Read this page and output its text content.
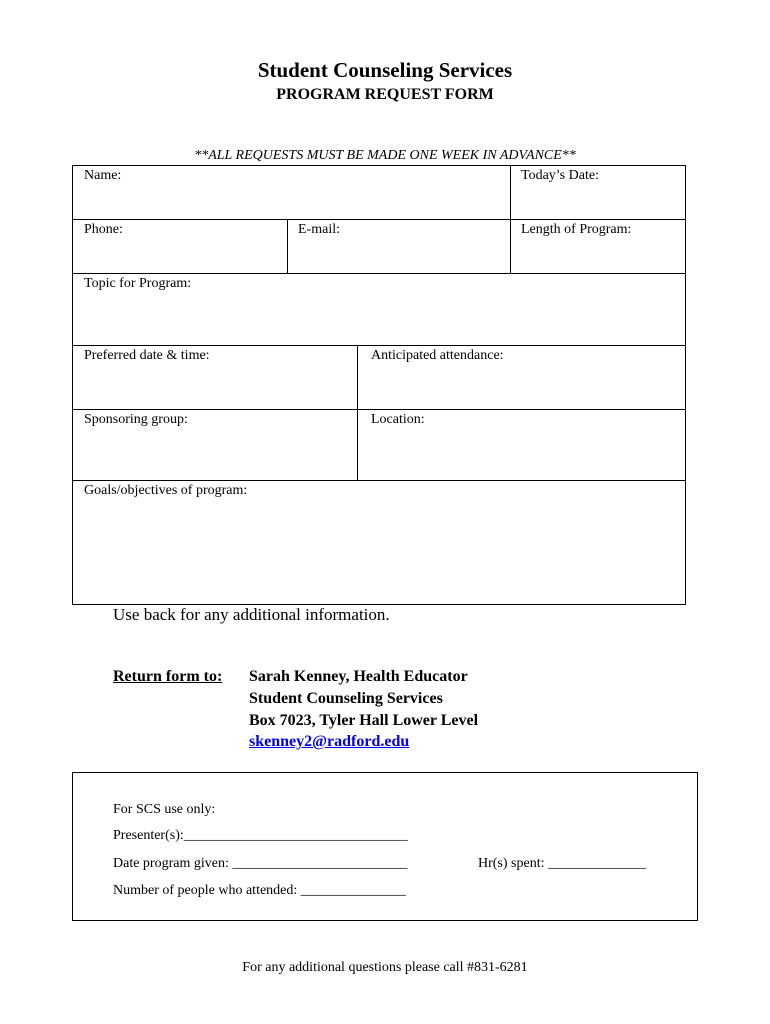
Student Counseling Services
PROGRAM REQUEST FORM
**ALL REQUESTS MUST BE MADE ONE WEEK IN ADVANCE**
Name:	Today’s Date:
Phone:	E-mail:	Length of Program:
Topic for Program:
Preferred date & time:	Anticipated attendance:
Sponsoring group:	Location:
Goals/objectives of program:
Use back for any additional information.
Return form to: Sarah Kenney, Health Educator
Student Counseling Services
Box 7023, Tyler Hall Lower Level
skenney2@radford.edu
For SCS use only:
Presenter(s):________________________________
Date program given: _________________________	Hr(s) spent: ______________
Number of people who attended: _______________
For any additional questions please call #831-6281
